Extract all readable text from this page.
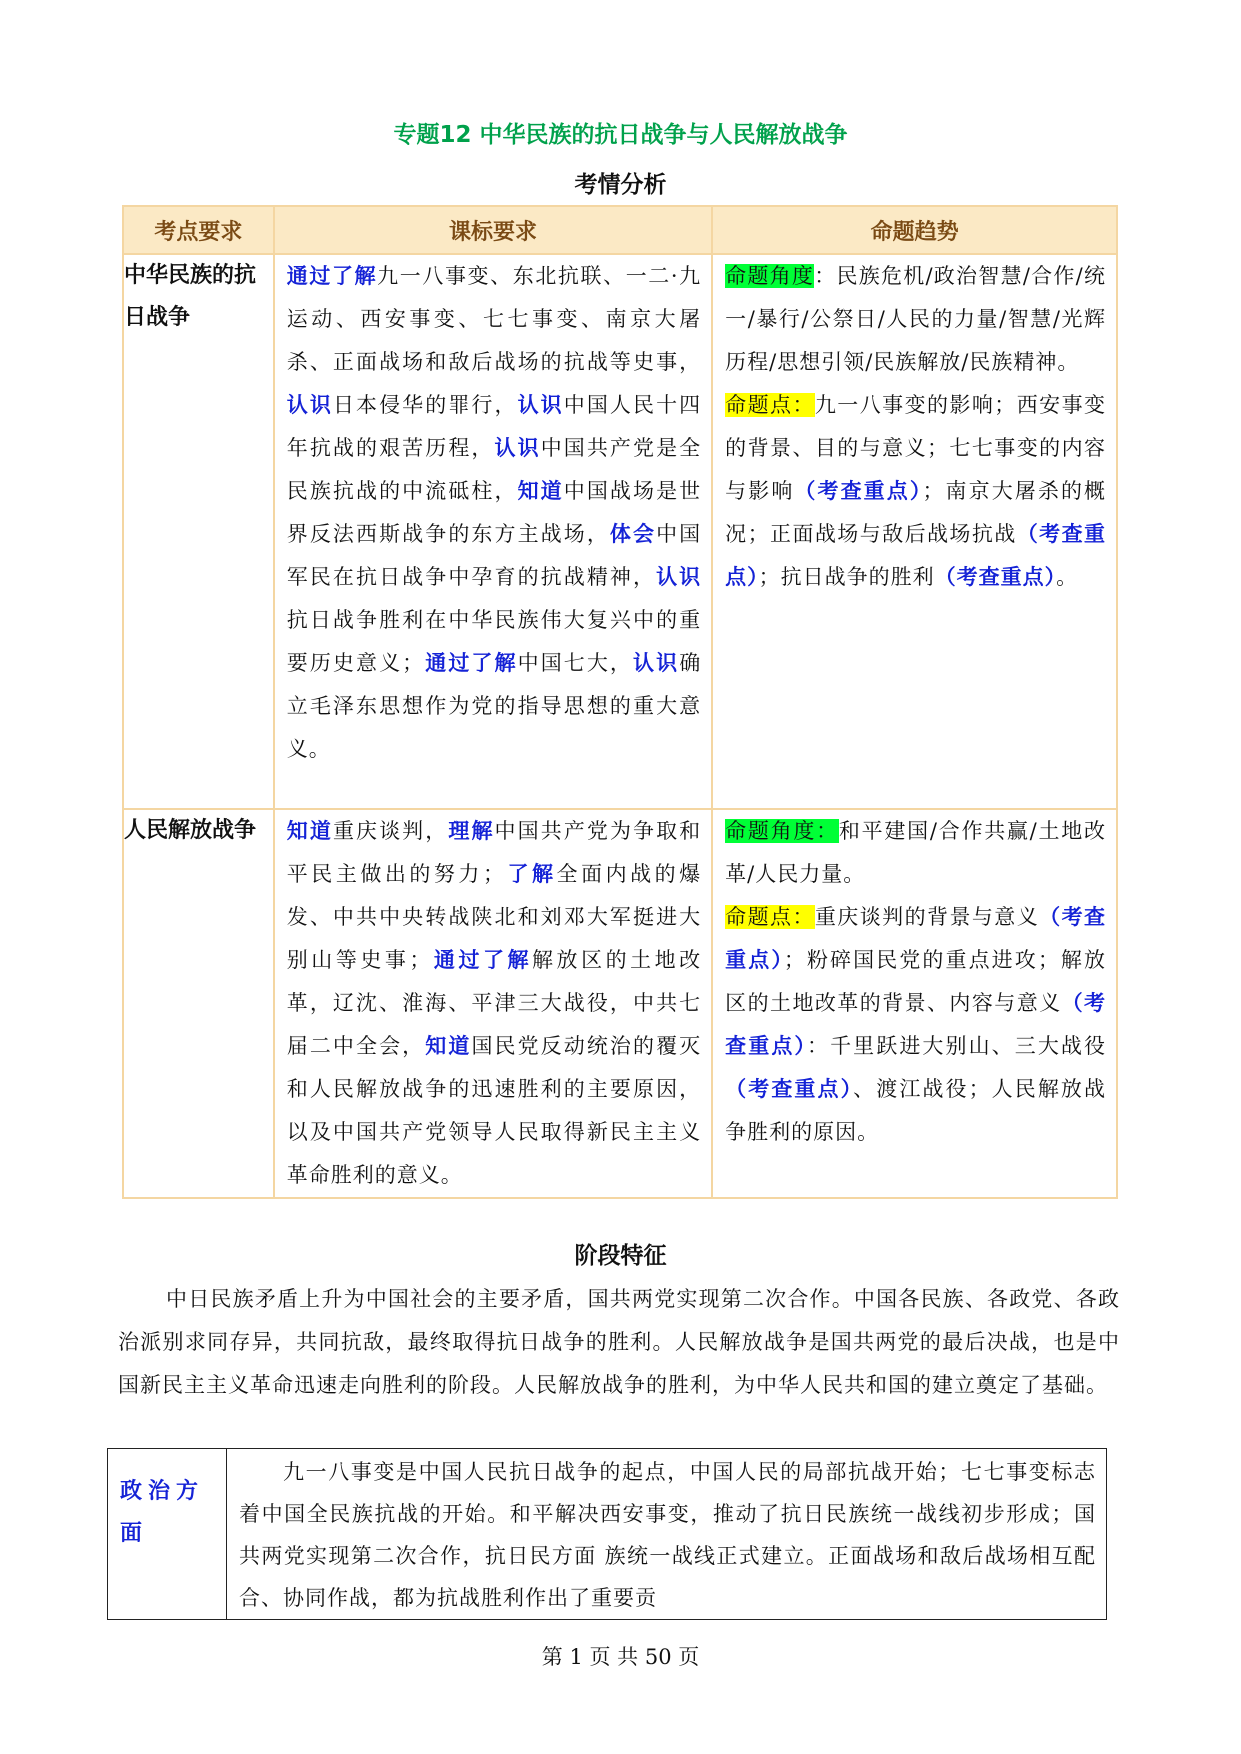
专题12 中华民族的抗日战争与人民解放战争
考情分析
考点要求	课标要求	命题趋势
中华民族的抗日战争	通过了解九一八事变、东北抗联、一二·九运动、西安事变、七七事变、南京大屠杀、正面战场和敌后战场的抗战等史事，认识日本侵华的罪行，认识中国人民十四年抗战的艰苦历程，认识中国共产党是全民族抗战的中流砥柱，知道中国战场是世界反法西斯战争的东方主战场，体会中国军民在抗日战争中孕育的抗战精神，认识抗日战争胜利在中华民族伟大复兴中的重要历史意义；通过了解中国七大，认识确立毛泽东思想作为党的指导思想的重大意义。	命题角度：民族危机/政治智慧/合作/统一/暴行/公祭日/人民的力量/智慧/光辉历程/思想引领/民族解放/民族精神。
命题点：九一八事变的影响；西安事变的背景、目的与意义；七七事变的内容与影响（考查重点）；南京大屠杀的概况；正面战场与敌后战场抗战（考查重点）；抗日战争的胜利（考查重点）。

人民解放战争	知道重庆谈判，理解中国共产党为争取和平民主做出的努力；了解全面内战的爆发、中共中央转战陕北和刘邓大军挺进大别山等史事；通过了解解放区的土地改革，辽沈、淮海、平津三大战役，中共七届二中全会，知道国民党反动统治的覆灭和人民解放战争的迅速胜利的主要原因，以及中国共产党领导人民取得新民主主义革命胜利的意义。	命题角度：和平建国/合作共赢/土地改革/人民力量。
命题点：重庆谈判的背景与意义（考查重点）；粉碎国民党的重点进攻；解放区的土地改革的背景、内容与意义（考查重点）：千里跃进大别山、三大战役（考查重点）、渡江战役；人民解放战争胜利的原因。
阶段特征
中日民族矛盾上升为中国社会的主要矛盾，国共两党实现第二次合作。中国各民族、各政党、各政治派别求同存异，共同抗敌，最终取得抗日战争的胜利。人民解放战争是国共两党的最后决战，也是中国新民主主义革命迅速走向胜利的阶段。人民解放战争的胜利，为中华人民共和国的建立奠定了基础。
政治方面	九一八事变是中国人民抗日战争的起点，中国人民的局部抗战开始；七七事变标志着中国全民族抗战的开始。和平解决西安事变，推动了抗日民族统一战线初步形成；国共两党实现第二次合作，抗日民方面 族统一战线正式建立。正面战场和敌后战场相互配合、协同作战，都为抗战胜利作出了重要贡
第 1 页 共 50 页
